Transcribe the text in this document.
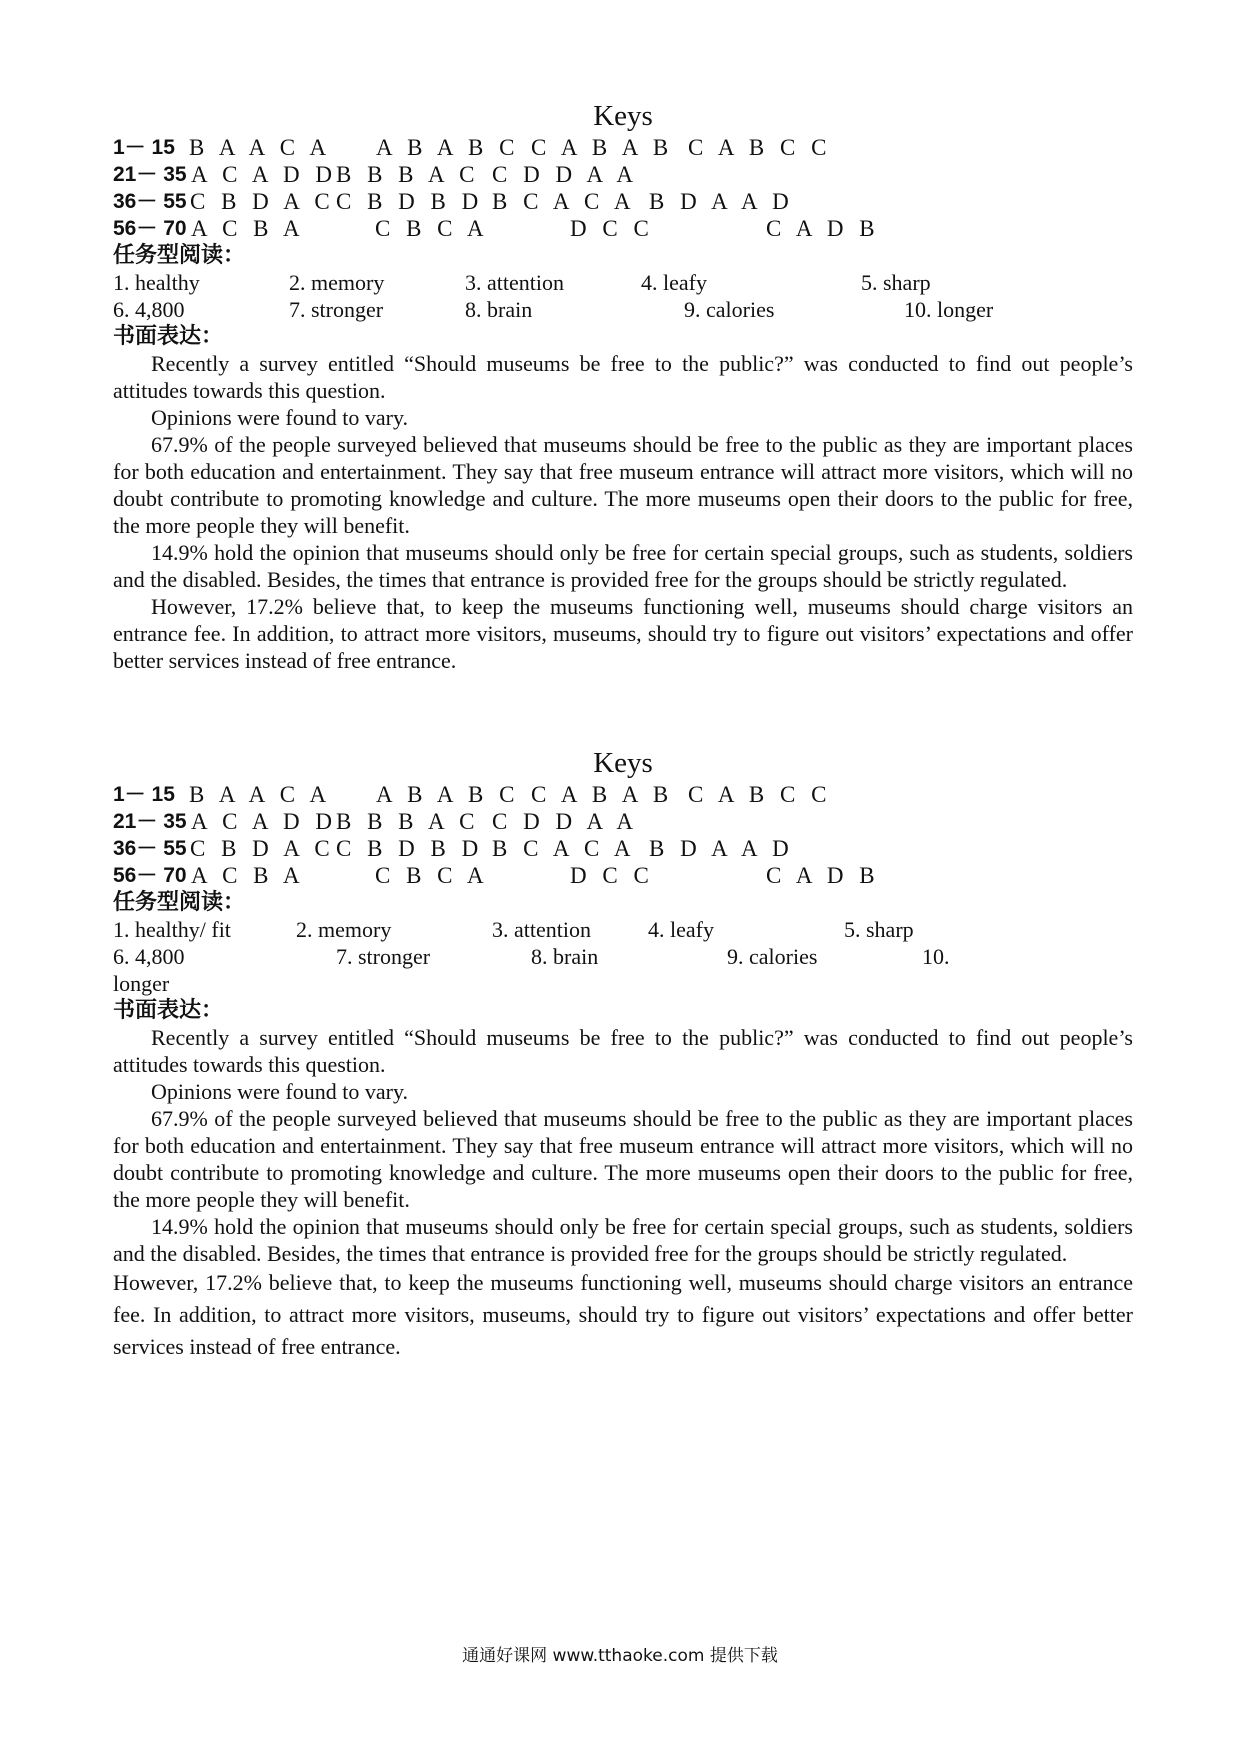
Keys
1－ 15 B A A C A A B A B C C A B A B C A B C C
21－ 35 A C A D D B B B A C C D D A A
36－ 55 C B D A C C B D B D B C A C A B D A A D
56－ 70 A C B A	C B C A	D C C	C A D B
任务型阅读：
1. healthy	2. memory	3. attention	4. leafy	5. sharp
6. 4,800	7. stronger	8. brain	9. calories	10. longer
书面表达：

Recently a survey entitled “Should museums be free to the public?” was conducted to find out people’s attitudes towards this question.

Opinions were found to vary.

67.9% of the people surveyed believed that museums should be free to the public as they are important places for both education and entertainment. They say that free museum entrance will attract more visitors, which will no doubt contribute to promoting knowledge and culture. The more museums open their doors to the public for free, the more people they will benefit.

14.9% hold the opinion that museums should only be free for certain special groups, such as students, soldiers and the disabled. Besides, the times that entrance is provided free for the groups should be strictly regulated.

However, 17.2% believe that, to keep the museums functioning well, museums should charge visitors an entrance fee. In addition, to attract more visitors, museums, should try to figure out visitors’ expectations and offer better services instead of free entrance.

Keys
1－ 15 B A A C A A B A B C C A B A B C A B C C
21－ 35 A C A D D B B B A C C D D A A
36－ 55 C B D A C C B D B D B C A C A B D A A D
56－ 70 A C B A	C B C A	D C C	C A D B
任务型阅读：
1. healthy/ fit	2. memory	3. attention	4. leafy	5. sharp
6. 4,800	7. stronger	8. brain	9. calories	10.
longer
书面表达：

Recently a survey entitled “Should museums be free to the public?” was conducted to find out people’s attitudes towards this question.

Opinions were found to vary.

67.9% of the people surveyed believed that museums should be free to the public as they are important places for both education and entertainment. They say that free museum entrance will attract more visitors, which will no doubt contribute to promoting knowledge and culture. The more museums open their doors to the public for free, the more people they will benefit.

14.9% hold the opinion that museums should only be free for certain special groups, such as students, soldiers and the disabled. Besides, the times that entrance is provided free for the groups should be strictly regulated.

However, 17.2% believe that, to keep the museums functioning well, museums should charge visitors an entrance fee. In addition, to attract more visitors, museums, should try to figure out visitors’ expectations and offer better services instead of free entrance.

通通好课网 www.tthaoke.com 提供下载
